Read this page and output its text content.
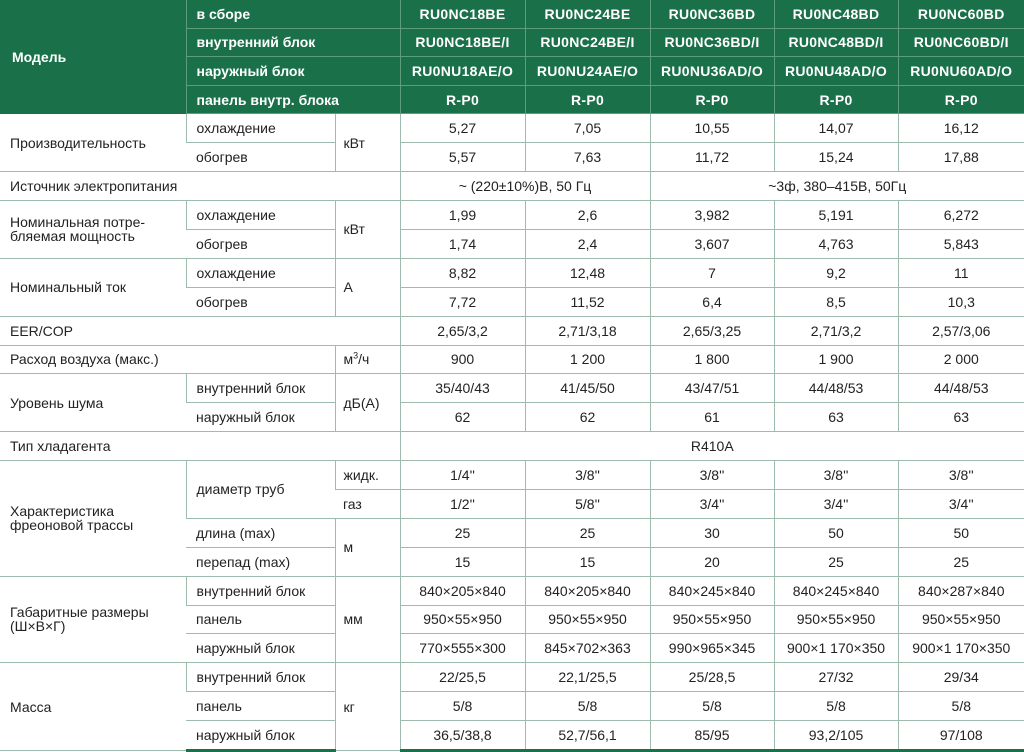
Модель	в сборе		RU0NC18BE	RU0NC24BE	RU0NC36BD	RU0NC48BD	RU0NC60BD
	внутренний блок		RU0NC18BE/I	RU0NC24BE/I	RU0NC36BD/I	RU0NC48BD/I	RU0NC60BD/I
	наружный блок		RU0NU18AE/O	RU0NU24AE/O	RU0NU36AD/O	RU0NU48AD/O	RU0NU60AD/O
	панель внутр. блока		R-P0	R-P0	R-P0	R-P0	R-P0
Производительность	охлаждение	кВт	5,27	7,05	10,55	14,07	16,12
	обогрев		5,57	7,63	11,72	15,24	17,88
Источник электропитания			~ (220±10%)В, 50 Гц		~3ф, 380–415В, 50Гц		
Номинальная потре-
бляемая мощность	охлаждение	кВт	1,99	2,6	3,982	5,191	6,272
	обогрев		1,74	2,4	3,607	4,763	5,843
Номинальный ток	охлаждение	А	8,82	12,48	7	9,2	11
	обогрев		7,72	11,52	6,4	8,5	10,3
EER/COP			2,65/3,2	2,71/3,18	2,65/3,25	2,71/3,2	2,57/3,06
Расход воздуха (макс.)		$м^3/ч$	900	1 200	1 800	1 900	2 000
Уровень шума	внутренний блок	дБ(А)	35/40/43	41/45/50	43/47/51	44/48/53	44/48/53
	наружный блок		62	62	61	63	63
Тип хладагента			R410A				
Характеристика
фреоновой трассы	диаметр труб	жидк.	1/4''	3/8''	3/8''	3/8''	3/8''
		газ	1/2''	5/8''	3/4''	3/4''	3/4''
	длина (max)	м	25	25	30	50	50
	перепад (max)		15	15	20	25	25
Габаритные размеры
(Ш×В×Г)	внутренний блок	мм	840×205×840	840×205×840	840×245×840	840×245×840	840×287×840
	панель		950×55×950	950×55×950	950×55×950	950×55×950	950×55×950
	наружный блок		770×555×300	845×702×363	990×965×345	900×1 170×350	900×1 170×350
Масса	внутренний блок	кг	22/25,5	22,1/25,5	25/28,5	27/32	29/34
	панель		5/8	5/8	5/8	5/8	5/8
	наружный блок		36,5/38,8	52,7/56,1	85/95	93,2/105	97/108
